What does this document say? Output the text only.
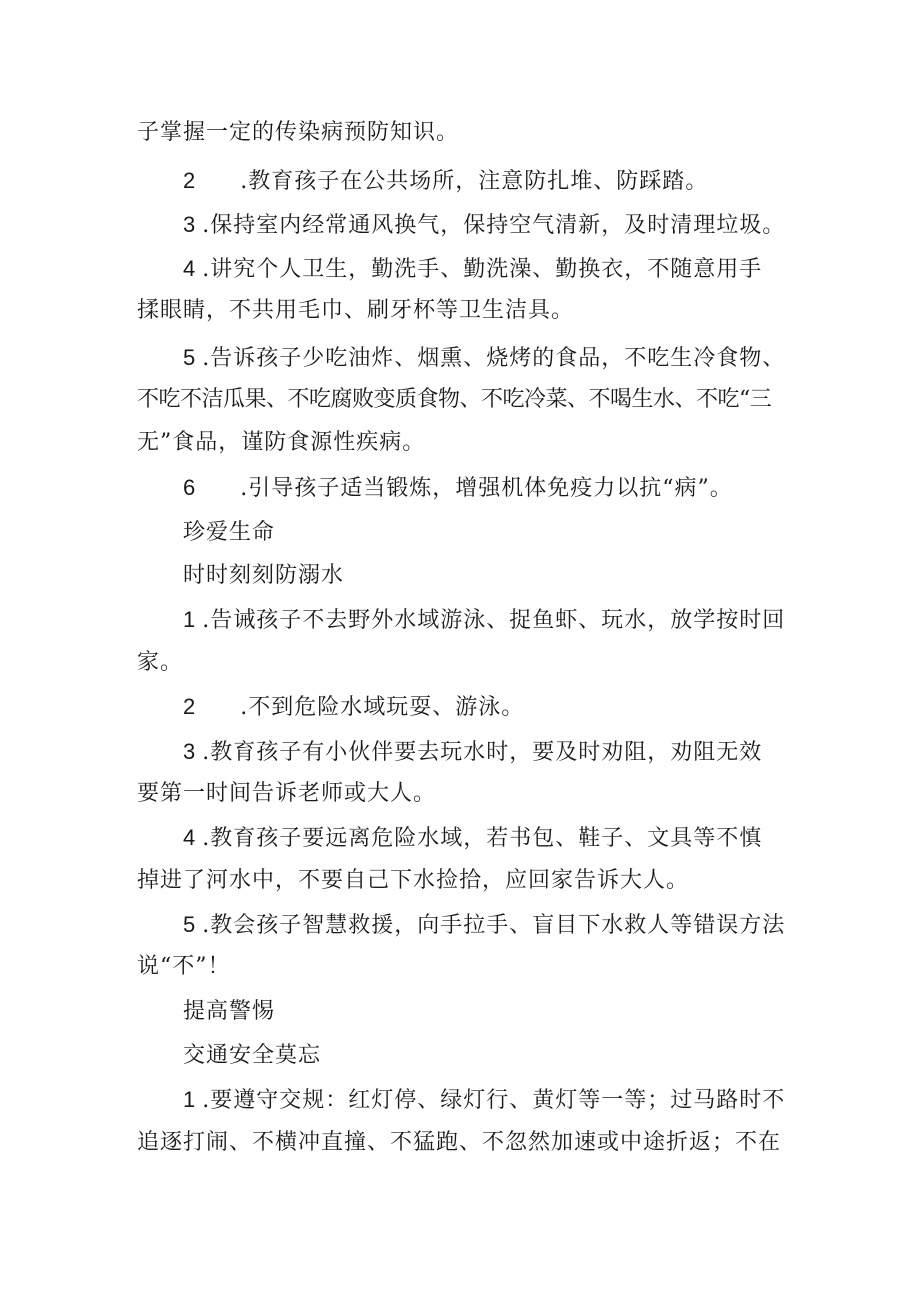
子掌握一定的传染病预防知识。
2 .教育孩子在公共场所，注意防扎堆、防踩踏。
3 .保持室内经常通风换气，保持空气清新，及时清理垃圾。
4 .讲究个人卫生，勤洗手、勤洗澡、勤换衣，不随意用手
揉眼睛，不共用毛巾、刷牙杯等卫生洁具。
5 .告诉孩子少吃油炸、烟熏、烧烤的食品，不吃生冷食物、
不吃不洁瓜果、不吃腐败变质食物、不吃冷菜、不喝生水、不吃“三
无”食品，谨防食源性疾病。
6 .引导孩子适当锻炼，增强机体免疫力以抗“病”。
珍爱生命
时时刻刻防溺水
1 .告诫孩子不去野外水域游泳、捉鱼虾、玩水，放学按时回
家。
2 .不到危险水域玩耍、游泳。
3 .教育孩子有小伙伴要去玩水时，要及时劝阻，劝阻无效
要第一时间告诉老师或大人。
4 .教育孩子要远离危险水域，若书包、鞋子、文具等不慎
掉进了河水中，不要自己下水捡拾，应回家告诉大人。
5 .教会孩子智慧救援，向手拉手、盲目下水救人等错误方法
说“不”！
提高警惕
交通安全莫忘
1 .要遵守交规：红灯停、绿灯行、黄灯等一等；过马路时不
追逐打闹、不横冲直撞、不猛跑、不忽然加速或中途折返；不在
